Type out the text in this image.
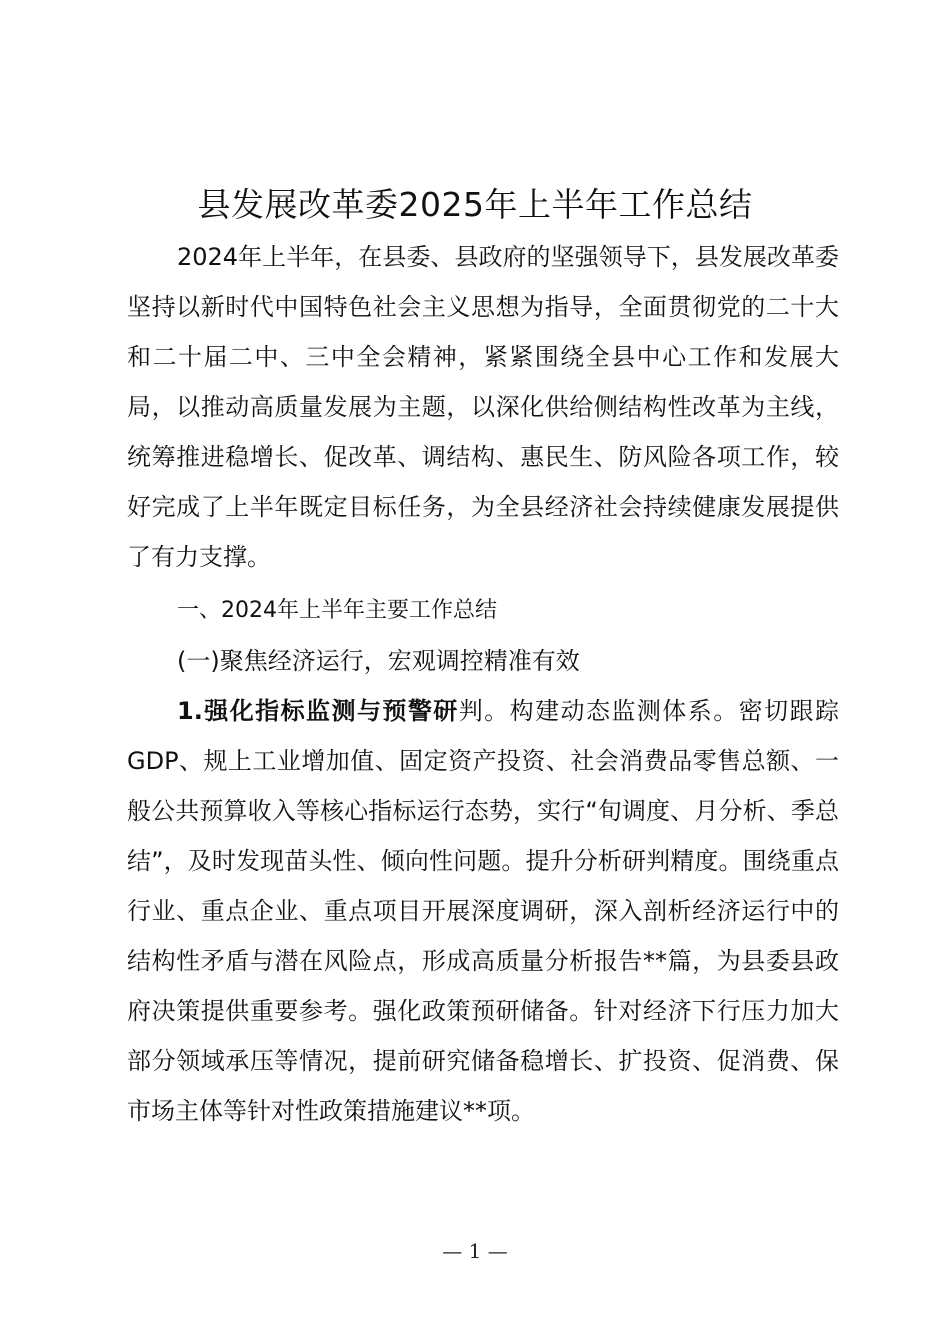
县发展改革委2025年上半年工作总结

2024年上半年，在县委、县政府的坚强领导下，县发展改革委坚持以新时代中国特色社会主义思想为指导，全面贯彻党的二十大和二十届二中、三中全会精神，紧紧围绕全县中心工作和发展大局，以推动高质量发展为主题，以深化供给侧结构性改革为主线，统筹推进稳增长、促改革、调结构、惠民生、防风险各项工作，较好完成了上半年既定目标任务，为全县经济社会持续健康发展提供了有力支撑。

一、2024年上半年主要工作总结

(一)聚焦经济运行，宏观调控精准有效

1.强化指标监测与预警研判。构建动态监测体系。密切跟踪GDP、规上工业增加值、固定资产投资、社会消费品零售总额、一般公共预算收入等核心指标运行态势，实行“旬调度、月分析、季总结”，及时发现苗头性、倾向性问题。提升分析研判精度。围绕重点行业、重点企业、重点项目开展深度调研，深入剖析经济运行中的结构性矛盾与潜在风险点，形成高质量分析报告**篇，为县委县政府决策提供重要参考。强化政策预研储备。针对经济下行压力加大部分领域承压等情况，提前研究储备稳增长、扩投资、促消费、保市场主体等针对性政策措施建议**项。

— 1 —
